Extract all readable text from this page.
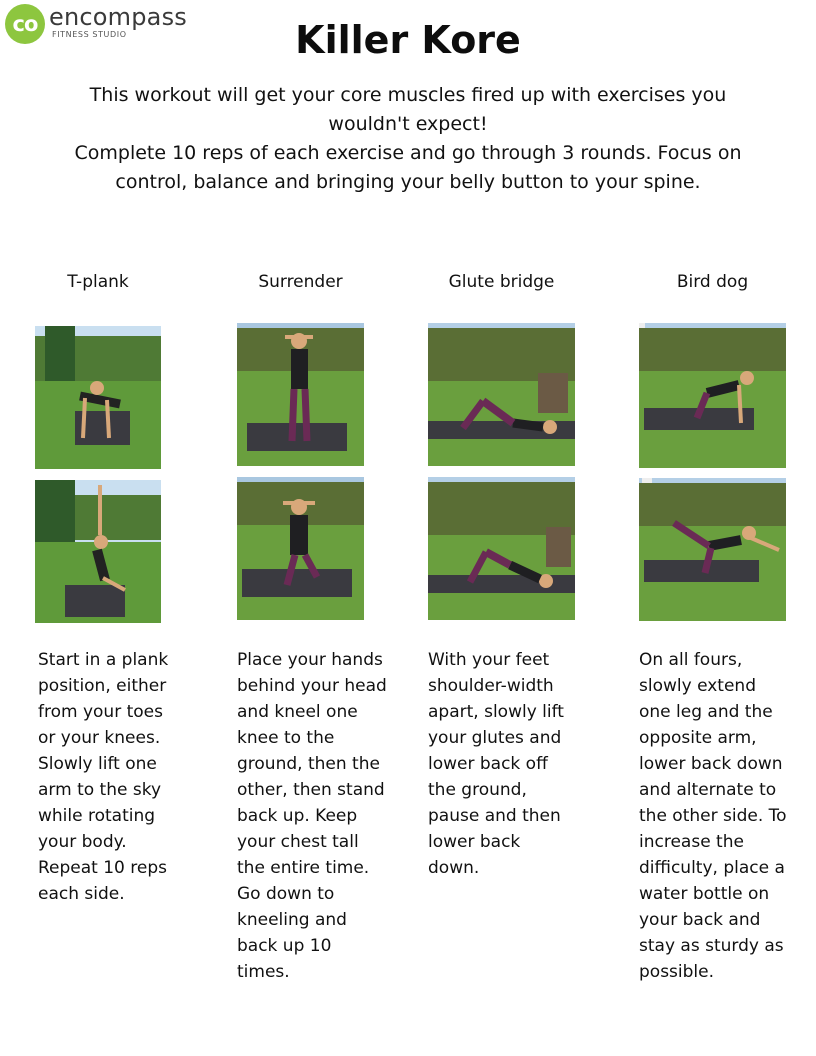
co encompass
FITNESS STUDIO	Killer Kore

This workout will get your core muscles fired up with exercises you wouldn't expect!

Complete 10 reps of each exercise and go through 3 rounds. Focus on control, balance and bringing your belly button to your spine.

T-plank
Start in a plank position, either from your toes or your knees. Slowly lift one arm to the sky while rotating your body. Repeat 10 reps each side.
Surrender
Place your hands behind your head and kneel one knee to the ground, then the other, then stand back up. Keep your chest tall the entire time. Go down to kneeling and back up 10 times.
Glute bridge
With your feet shoulder-width apart, slowly lift your glutes and lower back off the ground, pause and then lower back down.
Bird dog
On all fours, slowly extend one leg and the opposite arm, lower back down and alternate to the other side. To increase the difficulty, place a water bottle on your back and stay as sturdy as possible.
